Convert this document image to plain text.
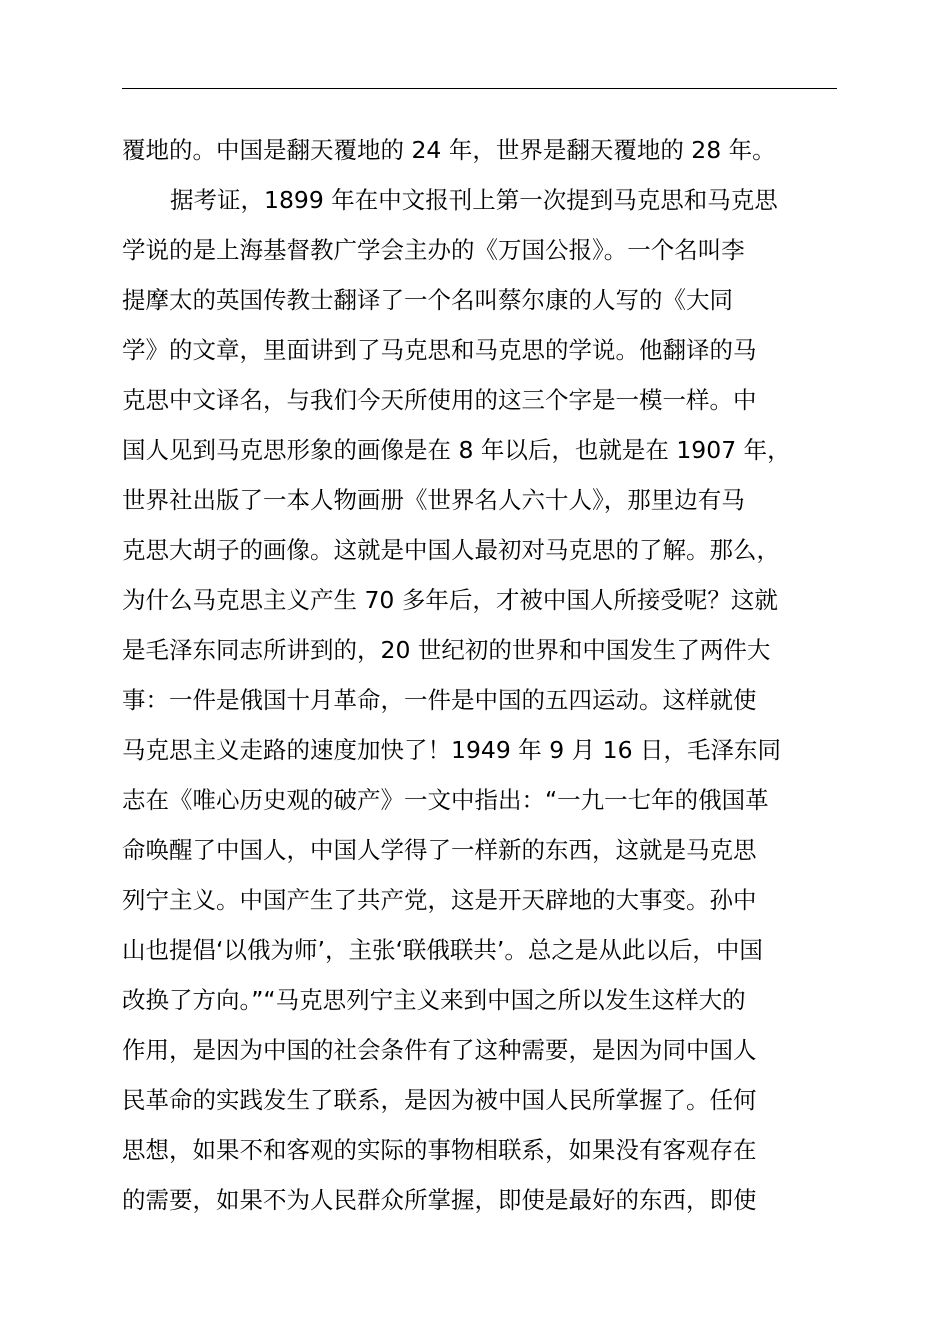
覆地的。中国是翻天覆地的 24 年，世界是翻天覆地的 28 年。
据考证，1899 年在中文报刊上第一次提到马克思和马克思
学说的是上海基督教广学会主办的《万国公报》。一个名叫李
提摩太的英国传教士翻译了一个名叫蔡尔康的人写的《大同
学》的文章，里面讲到了马克思和马克思的学说。他翻译的马
克思中文译名，与我们今天所使用的这三个字是一模一样。中
国人见到马克思形象的画像是在 8 年以后，也就是在 1907 年，
世界社出版了一本人物画册《世界名人六十人》，那里边有马
克思大胡子的画像。这就是中国人最初对马克思的了解。那么，
为什么马克思主义产生 70 多年后，才被中国人所接受呢？这就
是毛泽东同志所讲到的，20 世纪初的世界和中国发生了两件大
事：一件是俄国十月革命，一件是中国的五四运动。这样就使
马克思主义走路的速度加快了！1949 年 9 月 16 日，毛泽东同
志在《唯心历史观的破产》一文中指出：“一九一七年的俄国革
命唤醒了中国人，中国人学得了一样新的东西，这就是马克思
列宁主义。中国产生了共产党，这是开天辟地的大事变。孙中
山也提倡‘以俄为师’，主张‘联俄联共’。总之是从此以后，中国
改换了方向。”“马克思列宁主义来到中国之所以发生这样大的
作用，是因为中国的社会条件有了这种需要，是因为同中国人
民革命的实践发生了联系，是因为被中国人民所掌握了。任何
思想，如果不和客观的实际的事物相联系，如果没有客观存在
的需要，如果不为人民群众所掌握，即使是最好的东西，即使
